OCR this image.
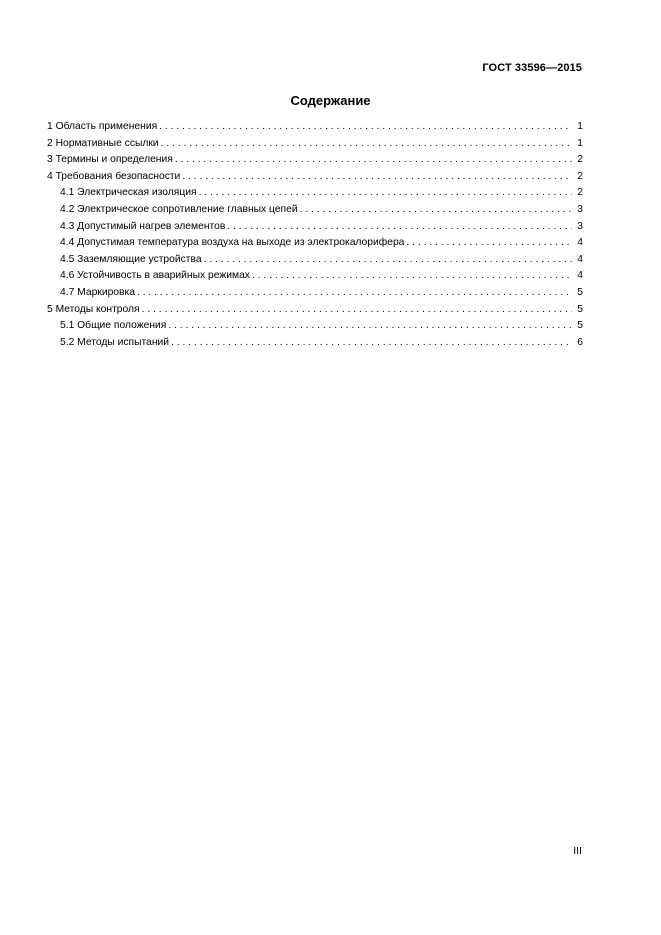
ГОСТ 33596—2015
Содержание
1 Область применения . . .	1
2 Нормативные ссылки . . .	1
3 Термины и определения . . .	2
4 Требования безопасности . . .	2
4.1 Электрическая изоляция . . .	2
4.2 Электрическое сопротивление главных цепей . . .	3
4.3 Допустимый нагрев элементов . . .	3
4.4 Допустимая температура воздуха на выходе из электрокалорифера . . .	4
4.5 Заземляющие устройства . . .	4
4.6 Устойчивость в аварийных режимах . . .	4
4.7 Маркировка . . .	5
5 Методы контроля . . .	5
5.1 Общие положения . . .	5
5.2 Методы испытаний . . .	6
III
